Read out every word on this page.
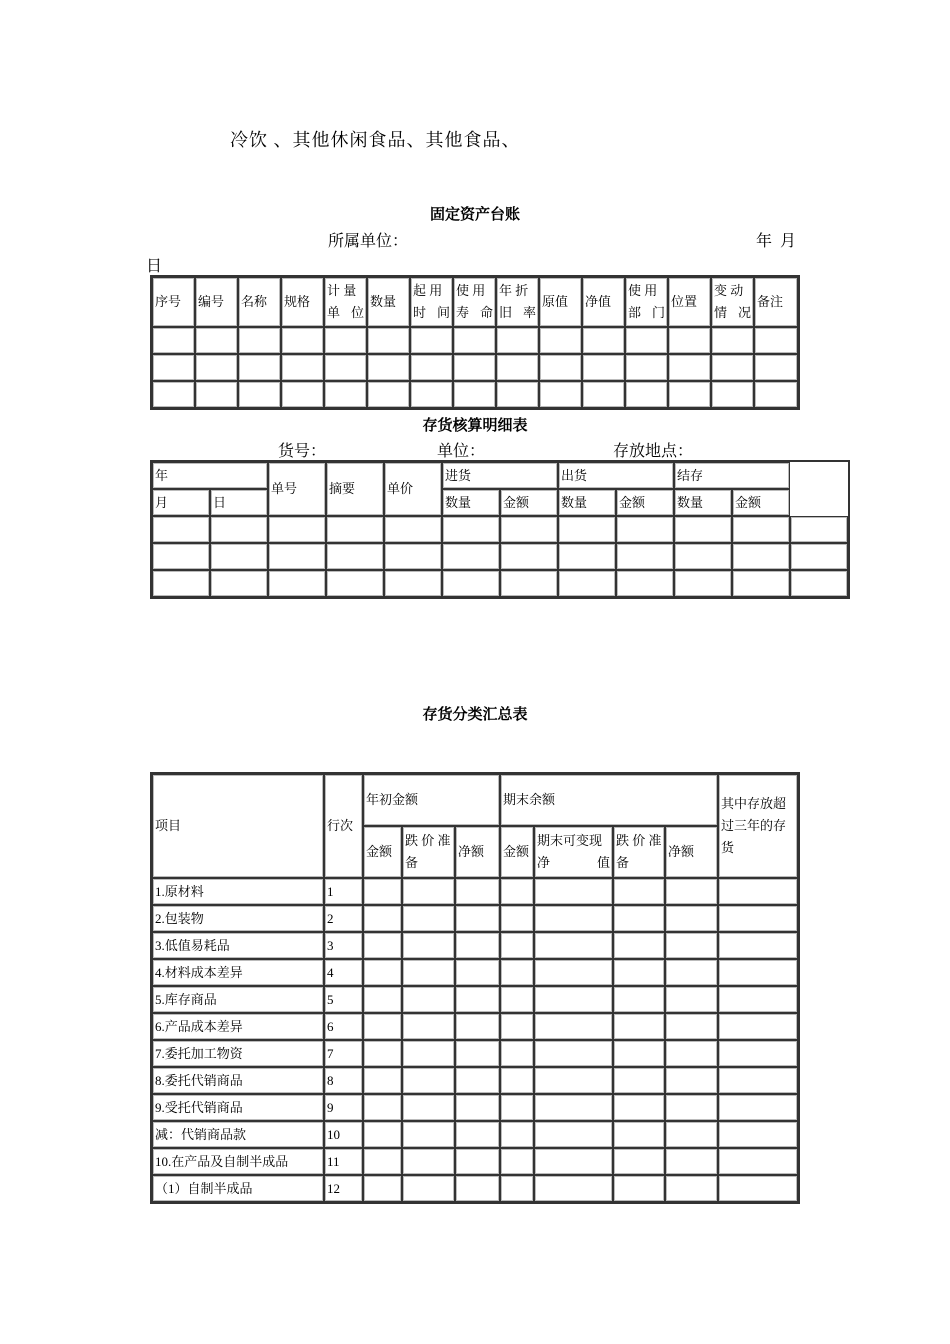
冷饮 、其他休闲食品、其他食品、
固定资产台账
所属单位：	年 月
日
序号	编号	名称	规格	计 量单位	数量	起 用时间	使 用寿命	年 折旧率	原值	净值	使 用部门	位置	变 动情况	备注

存货核算明细表
货号：	单位：	存放地点：
年		单号	摘要	单价	进货		出货		结存		
月	日				数量	金额	数量	金额	数量	金额	

存货分类汇总表
项目	行次	年初金额			期末余额				其中存放超过三年的存货
		金额	跌 价 准备	净额	金额	期末可变现净值	跌 价 准备	净额	
1.原材料	1								
2.包装物	2								
3.低值易耗品	3								
4.材料成本差异	4								
5.库存商品	5								
6.产品成本差异	6								
7.委托加工物资	7								
8.委托代销商品	8								
9.受托代销商品	9								
减：代销商品款	10								
10.在产品及自制半成品	11								
（1）自制半成品	12								
